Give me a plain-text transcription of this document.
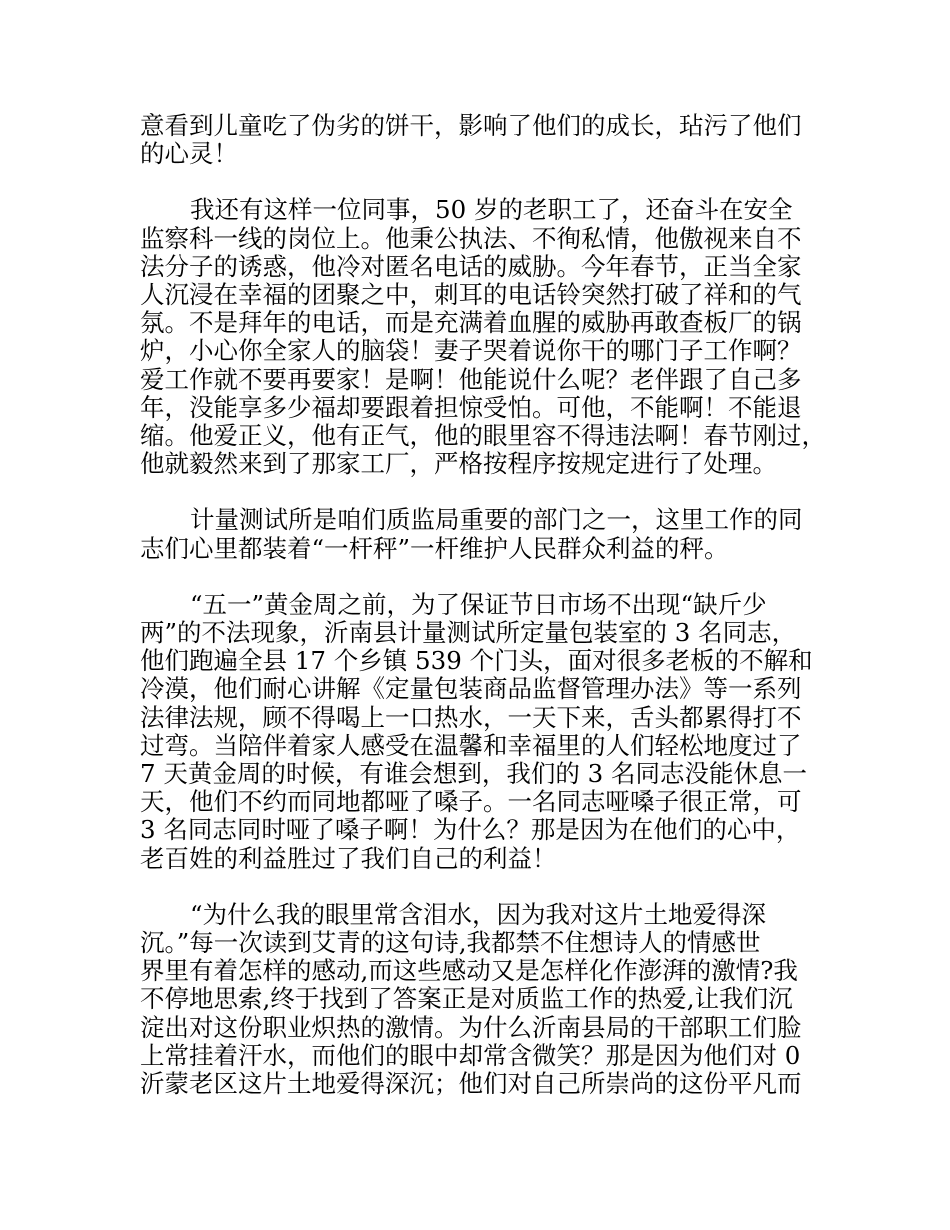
意看到儿童吃了伪劣的饼干，影响了他们的成长，玷污了他们
的心灵！

我还有这样一位同事，50 岁的老职工了，还奋斗在安全
监察科一线的岗位上。他秉公执法、不徇私情，他傲视来自不
法分子的诱惑，他冷对匿名电话的威胁。今年春节，正当全家
人沉浸在幸福的团聚之中，刺耳的电话铃突然打破了祥和的气
氛。不是拜年的电话，而是充满着血腥的威胁再敢查板厂的锅
炉，小心你全家人的脑袋！妻子哭着说你干的哪门子工作啊？
爱工作就不要再要家！是啊！他能说什么呢？老伴跟了自己多
年，没能享多少福却要跟着担惊受怕。可他，不能啊！不能退
缩。他爱正义，他有正气，他的眼里容不得违法啊！春节刚过，
他就毅然来到了那家工厂，严格按程序按规定进行了处理。

计量测试所是咱们质监局重要的部门之一，这里工作的同
志们心里都装着“一杆秤”一杆维护人民群众利益的秤。

“五一”黄金周之前，为了保证节日市场不出现“缺斤少
两”的不法现象，沂南县计量测试所定量包装室的 3 名同志，
他们跑遍全县 17 个乡镇 539 个门头，面对很多老板的不解和
冷漠，他们耐心讲解《定量包装商品监督管理办法》等一系列
法律法规，顾不得喝上一口热水，一天下来，舌头都累得打不
过弯。当陪伴着家人感受在温馨和幸福里的人们轻松地度过了
7 天黄金周的时候，有谁会想到，我们的 3 名同志没能休息一
天，他们不约而同地都哑了嗓子。一名同志哑嗓子很正常，可
3 名同志同时哑了嗓子啊！为什么？那是因为在他们的心中，
老百姓的利益胜过了我们自己的利益！

“为什么我的眼里常含泪水，因为我对这片土地爱得深
沉。”每一次读到艾青的这句诗,我都禁不住想诗人的情感世
界里有着怎样的感动,而这些感动又是怎样化作澎湃的激情?我
不停地思索,终于找到了答案正是对质监工作的热爱,让我们沉
淀出对这份职业炽热的激情。为什么沂南县局的干部职工们脸
上常挂着汗水，而他们的眼中却常含微笑？那是因为他们对 0
沂蒙老区这片土地爱得深沉；他们对自己所崇尚的这份平凡而
